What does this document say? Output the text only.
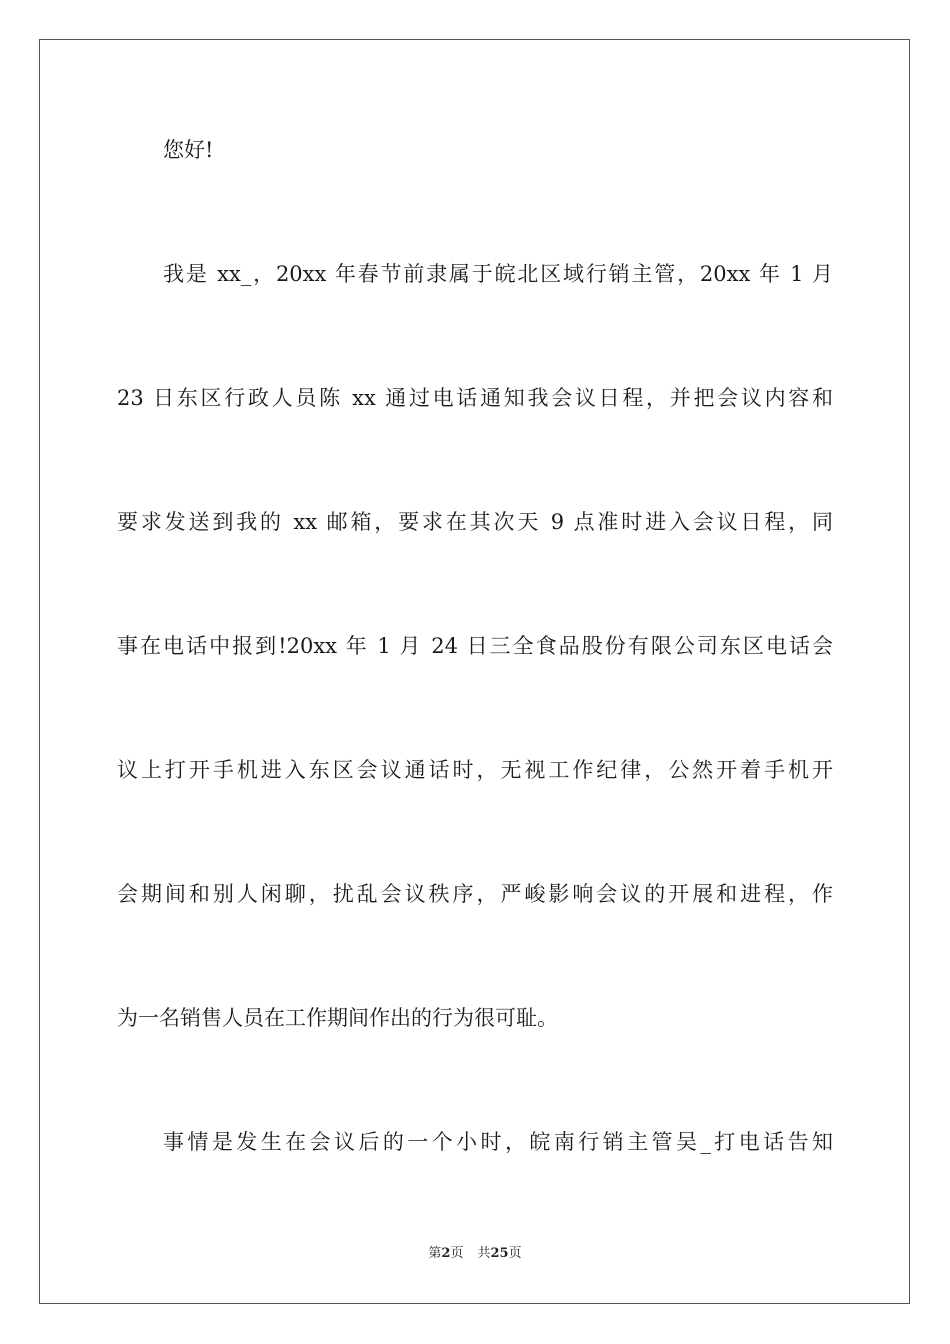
您好!
我是 xx_，20xx 年春节前隶属于皖北区域行销主管，20xx 年 1 月
23 日东区行政人员陈 xx 通过电话通知我会议日程，并把会议内容和
要求发送到我的 xx 邮箱，要求在其次天 9 点准时进入会议日程，同
事在电话中报到!20xx 年 1 月 24 日三全食品股份有限公司东区电话会
议上打开手机进入东区会议通话时，无视工作纪律，公然开着手机开
会期间和别人闲聊，扰乱会议秩序，严峻影响会议的开展和进程，作
为一名销售人员在工作期间作出的行为很可耻。
事情是发生在会议后的一个小时，皖南行销主管吴_打电话告知
第2页 共25页
